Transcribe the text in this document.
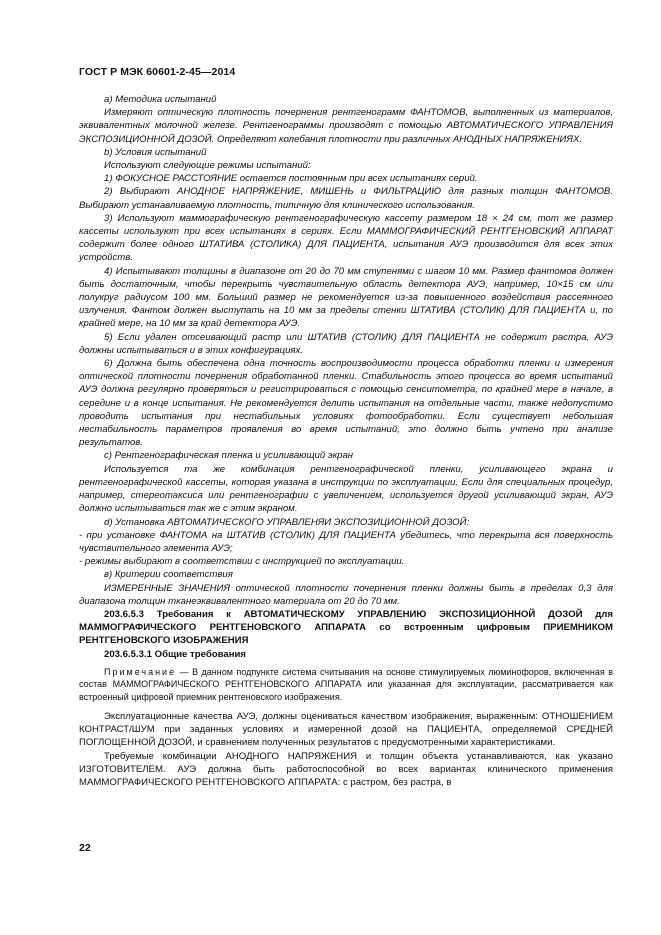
ГОСТ Р МЭК 60601-2-45—2014

а) Методика испытаний

Измеряют оптическую плотность почернения рентгенограмм ФАНТОМОВ, выполненных из материалов, эквивалентных молочной железе. Рентгенограммы производят с помощью АВТОМАТИЧЕСКОГО УПРАВЛЕНИЯ ЭКСПОЗИЦИОННОЙ ДОЗОЙ. Определяют колебания плотности при различных АНОДНЫХ НАПРЯЖЕНИЯХ.

b) Условия испытаний

Используют следующие режимы испытаний:

1) ФОКУСНОЕ РАССТОЯНИЕ остается постоянным при всех испытаниях серий.

2) Выбирают АНОДНОЕ НАПРЯЖЕНИЕ, МИШЕНЬ и ФИЛЬТРАЦИЮ для разных толщин ФАНТОМОВ. Выбирают устанавливаемую плотность, типичную для клинического использования.

3) Используют маммографическую рентгенографическую кассету размером 18 × 24 см, тот же размер кассеты используют при всех испытаниях в сериях. Если МАММОГРАФИЧЕСКИЙ РЕНТГЕНОВСКИЙ АППАРАТ содержит более одного ШТАТИВА (СТОЛИКА) ДЛЯ ПАЦИЕНТА, испытания АУЭ производится для всех этих устройств.

4) Испытывают толщины в диапазоне от 20 до 70 мм ступенями с шагом 10 мм. Размер фантомов должен быть достаточным, чтобы перекрыть чувствительную область детектора АУЭ, например, 10×15 см или полукруг радиусом 100 мм. Больший размер не рекомендуется из-за повышенного воздействия рассеянного излучения. Фантом должен выступать на 10 мм за пределы стенки ШТАТИВА (СТОЛИК) ДЛЯ ПАЦИЕНТА и, по крайней мере, на 10 мм за край детектора АУЭ.

5) Если удален отсеивающий растр или ШТАТИВ (СТОЛИК) ДЛЯ ПАЦИЕНТА не содержит растра, АУЭ должны испытываться и в этих конфигурациях.

6) Должна быть обеспечена одна точность воспроизводимости процесса обработки пленки и измерения оптической плотности почернения обработанной пленки. Стабильность этого процесса во время испытаний АУЭ должна регулярно проверяться и регистрироваться с помощью сенситометра, по крайней мере в начале, в середине и в конце испытания. Не рекомендуется делить испытания на отдельные части, также недопустимо проводить испытания при нестабильных условиях фотообработки. Если существует небольшая нестабильность параметров проявления во время испытаний, это должно быть учтено при анализе результатов.

c) Рентгенографическая пленка и усиливающий экран

Используется та же комбинация рентгенографической пленки, усиливающего экрана и рентгенографической кассеты, которая указана в инструкции по эксплуатации. Если для специальных процедур, например, стереотаксиса или рентгенографии с увеличением, используется другой усиливающий экран, АУЭ должно испытываться так же с этим экраном.

d) Установка АВТОМАТИЧЕСКОГО УПРАВЛЕНЯИ ЭКСПОЗИЦИОННОЙ ДОЗОЙ:

- при установке ФАНТОМА на ШТАТИВ (СТОЛИК) ДЛЯ ПАЦИЕНТА убедитесь, что перекрыта вся поверхность чувствительного элемента АУЭ;

- режимы выбирают в соответствии с инструкцией по эксплуатации.

в) Критерии соответствия

ИЗМЕРЕННЫЕ ЗНАЧЕНИЯ оптической плотности почернения пленки должны быть в пределах 0,3 для диапазона толщин тканеэквивалентного материала от 20 до 70 мм.

203.6.5.3 Требования к АВТОМАТИЧЕСКОМУ УПРАВЛЕНИЮ ЭКСПОЗИЦИОННОЙ ДОЗОЙ для МАММОГРАФИЧЕСКОГО РЕНТГЕНОВСКОГО АППАРАТА со встроенным цифровым ПРИЕМНИКОМ РЕНТГЕНОВСКОГО ИЗОБРАЖЕНИЯ

203.6.5.3.1 Общие требования

Примечание — В данном подпункте система считывания на основе стимулируемых люминофоров, включенная в состав МАММОГРАФИЧЕСКОГО РЕНТГЕНОВСКОГО АППАРАТА или указанная для эксплуатации, рассматривается как встроенный цифровой приемник рентгеновского изображения.

Эксплуатационные качества АУЭ, должны оцениваться качеством изображения, выраженным: ОТНОШЕНИЕМ КОНТРАСТ/ШУМ при заданных условиях и измеренной дозой на ПАЦИЕНТА, определяемой СРЕДНЕЙ ПОГЛОЩЕННОЙ ДОЗОЙ, и сравнением полученных результатов с предусмотренными характеристиками.

Требуемые комбинации АНОДНОГО НАПРЯЖЕНИЯ и толщин объекта устанавливаются, как указано ИЗГОТОВИТЕЛЕМ. АУЭ должна быть работоспособной во всех вариантах клинического применения МАММОГРАФИЧЕСКОГО РЕНТГЕНОВСКОГО АППАРАТА: с растром, без растра, в

22
